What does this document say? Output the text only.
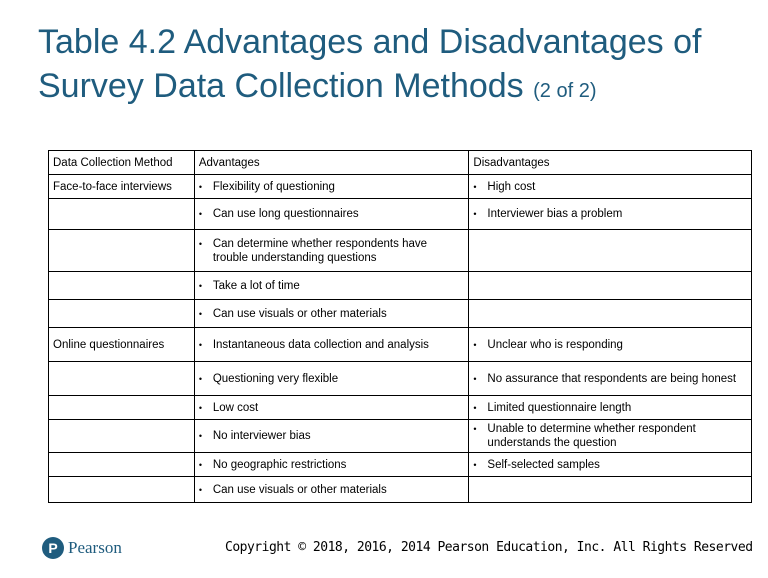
Table 4.2 Advantages and Disadvantages of Survey Data Collection Methods (2 of 2)
Data Collection Method	Advantages	Disadvantages
Face-to-face interviews	• Flexibility of questioning	• High cost

	• Can use long questionnaires	• Interviewer bias a problem

	• Can determine whether respondents have trouble understanding questions	

	• Take a lot of time	

	• Can use visuals or other materials	

Online questionnaires	• Instantaneous data collection and analysis	• Unclear who is responding

	• Questioning very flexible	• No assurance that respondents are being honest

	• Low cost	• Limited questionnaire length

	• No interviewer bias	• Unable to determine whether respondent understands the question

	• No geographic restrictions	• Self-selected samples

	• Can use visuals or other materials	

P Pearson	Copyright © 2018, 2016, 2014 Pearson Education, Inc. All Rights Reserved
